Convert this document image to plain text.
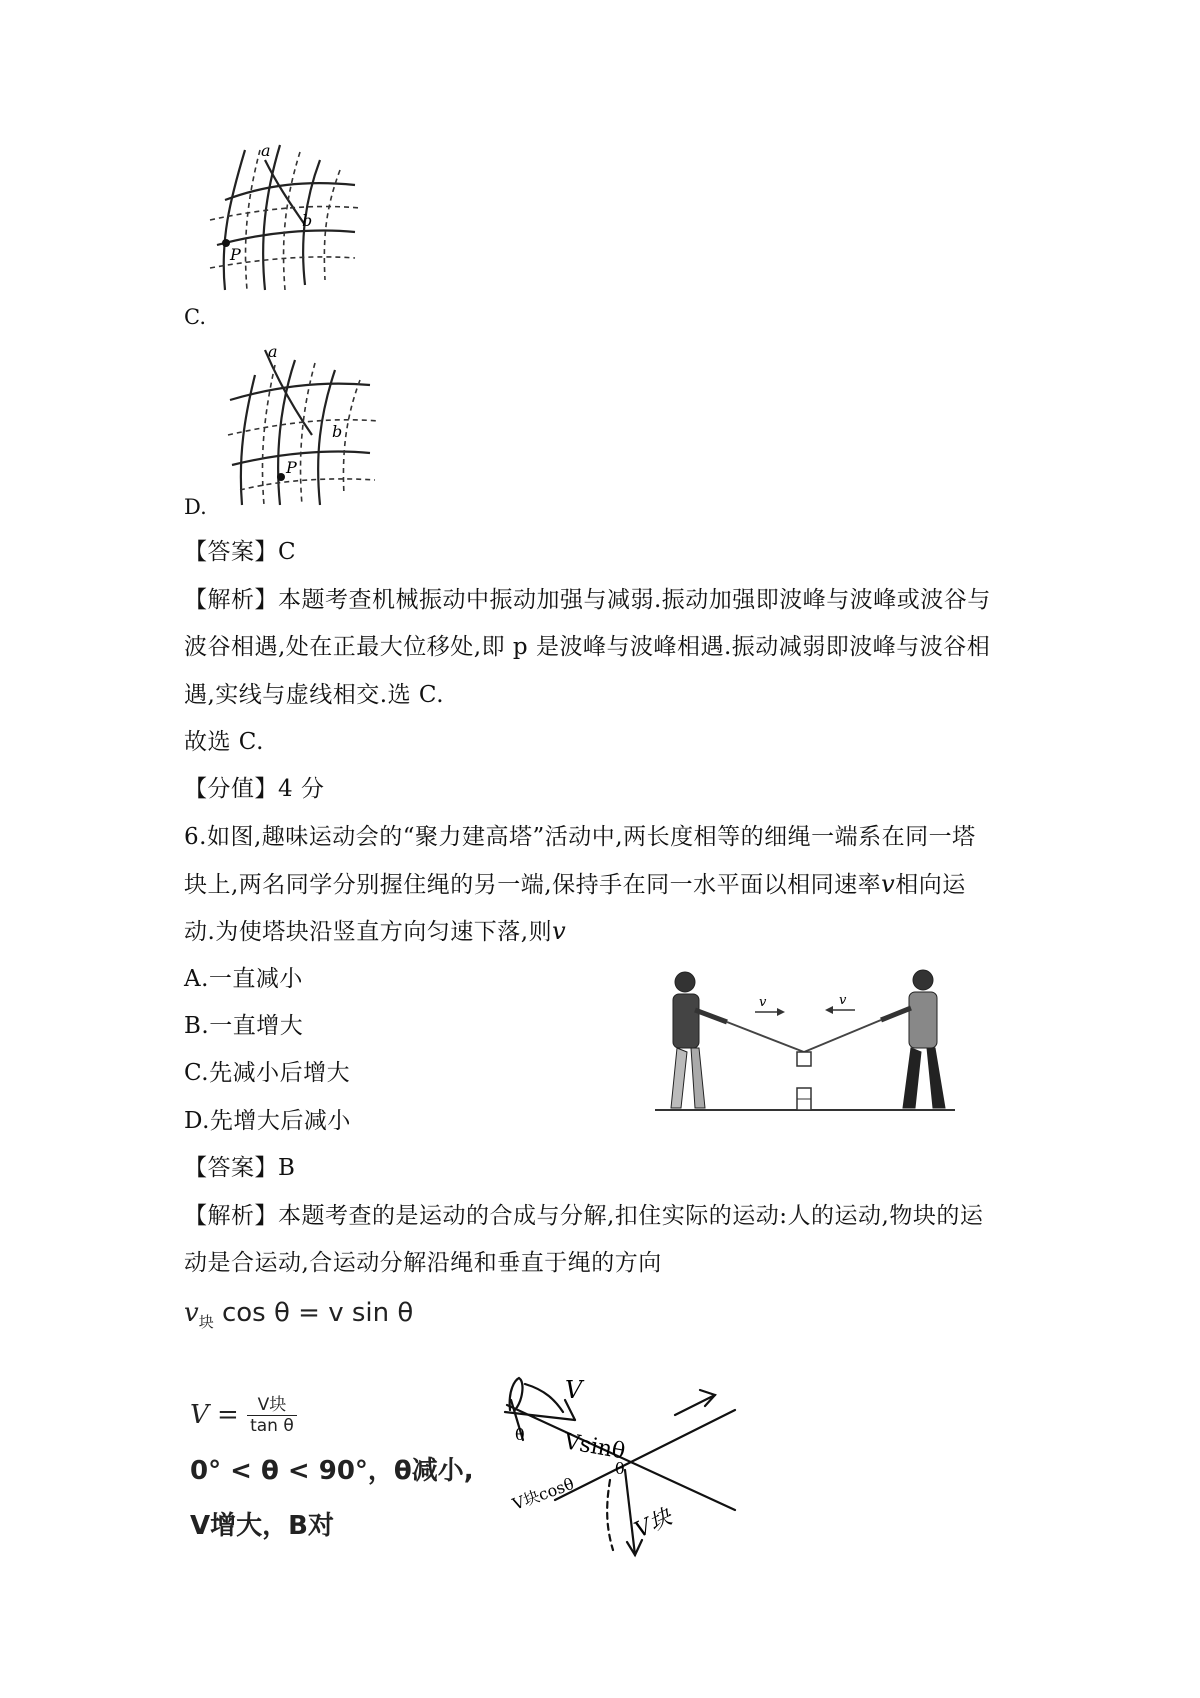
a
b
P
C.
a
b
P
D.
【答案】C
【解析】本题考查机械振动中振动加强与减弱.振动加强即波峰与波峰或波谷与
波谷相遇,处在正最大位移处,即 p 是波峰与波峰相遇.振动减弱即波峰与波谷相
遇,实线与虚线相交.选 C.
故选 C.
【分值】4 分
6.如图,趣味运动会的“聚力建高塔”活动中,两长度相等的细绳一端系在同一塔
块上,两名同学分别握住绳的另一端,保持手在同一水平面以相同速率v相向运
动.为使塔块沿竖直方向匀速下落,则v
A.一直减小
B.一直增大
C.先减小后增大
D.先增大后减小
v	v
【答案】B
【解析】本题考查的是运动的合成与分解,扣住实际的运动:人的运动,物块的运
动是合运动,合运动分解沿绳和垂直于绳的方向
$v_块$ cos θ = v sin θ
$V = \frac{\text{V块}}{\text{tan θ}}$
0° < θ < 90°，θ减小,
V增大，B对
V
Vsinθ
θ
V块cosθ
θ
V块
